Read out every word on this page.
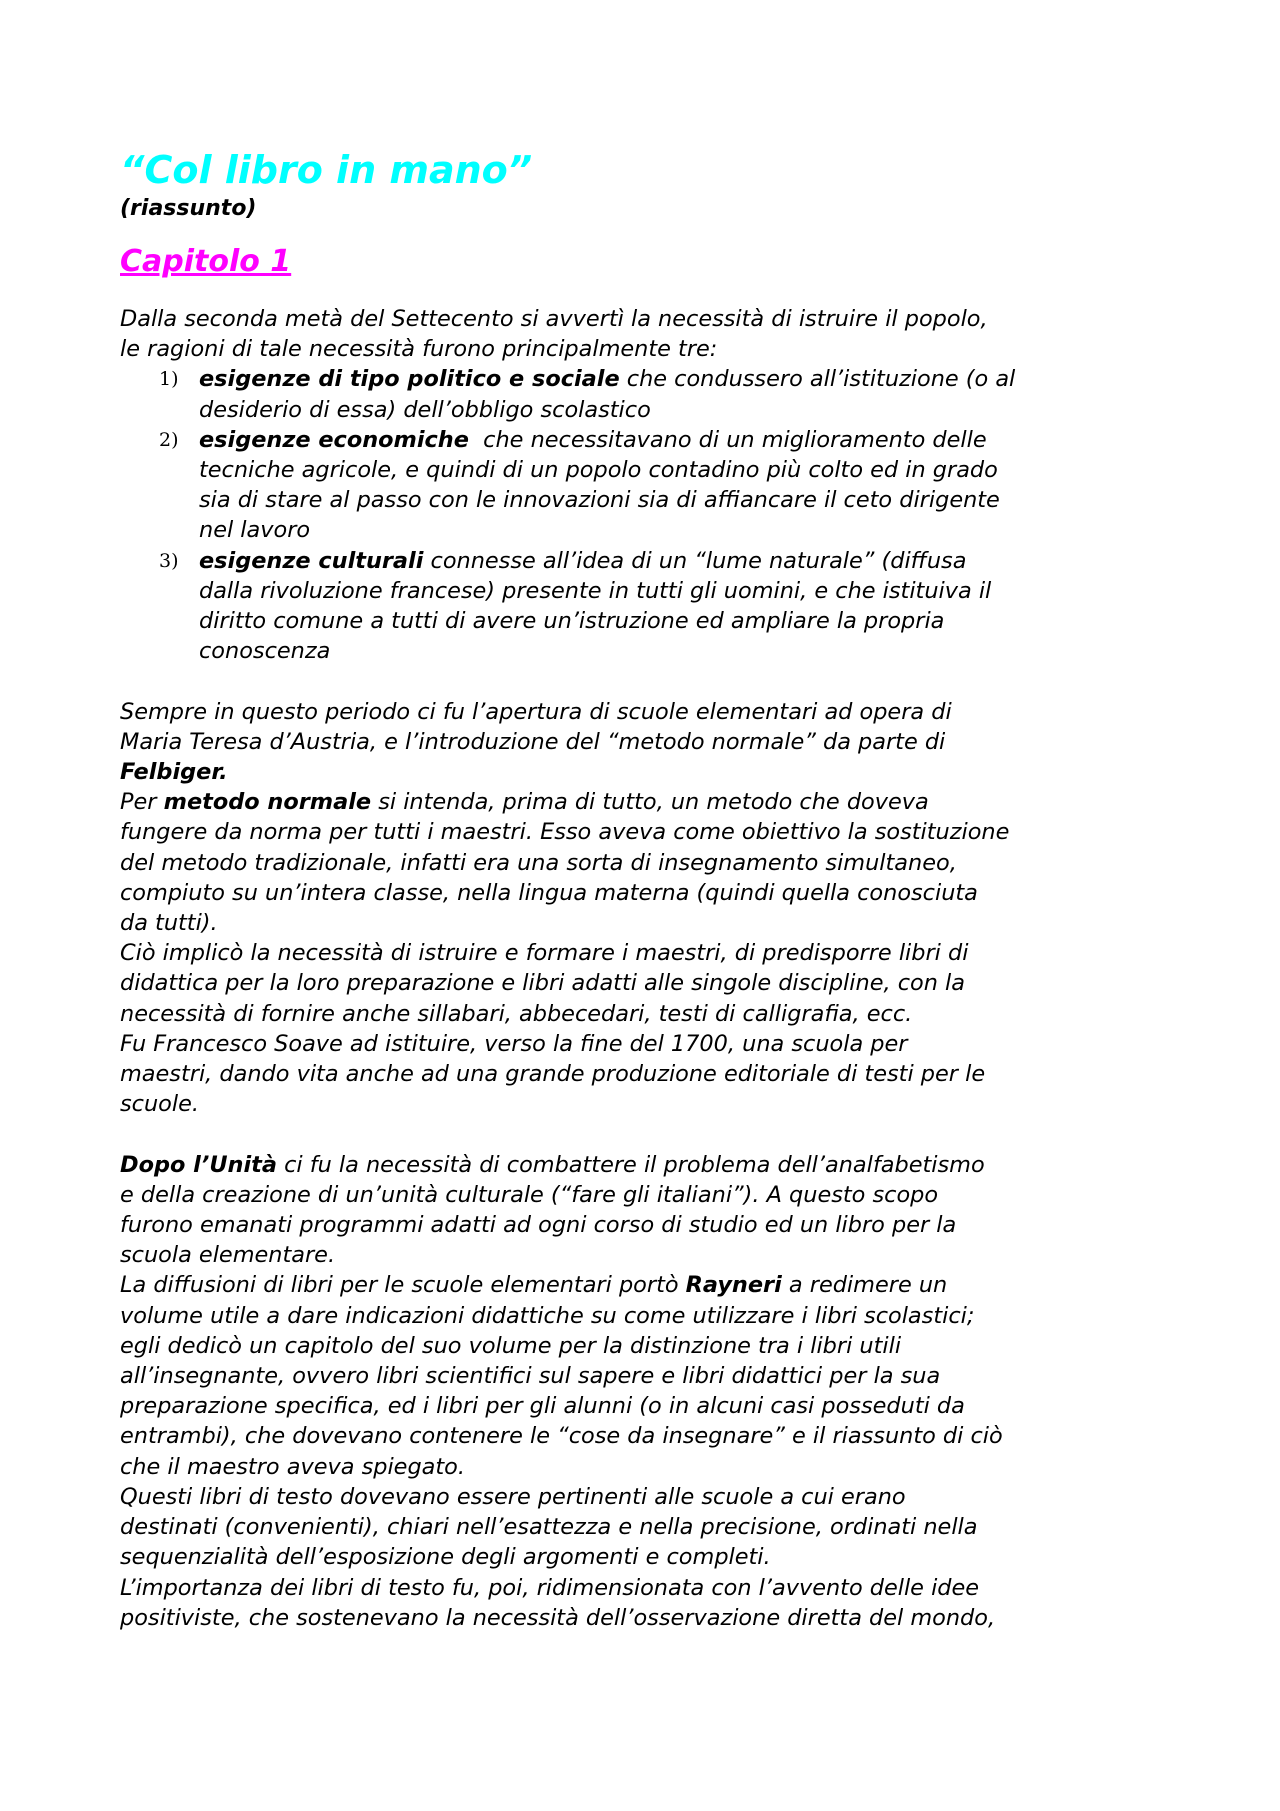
“Col libro in mano”
(riassunto)
Capitolo 1
Dalla seconda metà del Settecento si avvertì la necessità di istruire il popolo,
le ragioni di tale necessità furono principalmente tre:
1) esigenze di tipo politico e sociale che condussero all’istituzione (o al
desiderio di essa) dell’obbligo scolastico
2) esigenze economiche  che necessitavano di un miglioramento delle
tecniche agricole, e quindi di un popolo contadino più colto ed in grado
sia di stare al passo con le innovazioni sia di affiancare il ceto dirigente
nel lavoro
3) esigenze culturali connesse all’idea di un “lume naturale” (diffusa
dalla rivoluzione francese) presente in tutti gli uomini, e che istituiva il
diritto comune a tutti di avere un’istruzione ed ampliare la propria
conoscenza
Sempre in questo periodo ci fu l’apertura di scuole elementari ad opera di
Maria Teresa d’Austria, e l’introduzione del “metodo normale” da parte di
Felbiger.
Per metodo normale si intenda, prima di tutto, un metodo che doveva
fungere da norma per tutti i maestri. Esso aveva come obiettivo la sostituzione
del metodo tradizionale, infatti era una sorta di insegnamento simultaneo,
compiuto su un’intera classe, nella lingua materna (quindi quella conosciuta
da tutti).
Ciò implicò la necessità di istruire e formare i maestri, di predisporre libri di
didattica per la loro preparazione e libri adatti alle singole discipline, con la
necessità di fornire anche sillabari, abbecedari, testi di calligrafia, ecc.
Fu Francesco Soave ad istituire, verso la fine del 1700, una scuola per
maestri, dando vita anche ad una grande produzione editoriale di testi per le
scuole.
Dopo l’Unità ci fu la necessità di combattere il problema dell’analfabetismo
e della creazione di un’unità culturale (“fare gli italiani”). A questo scopo
furono emanati programmi adatti ad ogni corso di studio ed un libro per la
scuola elementare.
La diffusioni di libri per le scuole elementari portò Rayneri a redimere un
volume utile a dare indicazioni didattiche su come utilizzare i libri scolastici;
egli dedicò un capitolo del suo volume per la distinzione tra i libri utili
all’insegnante, ovvero libri scientifici sul sapere e libri didattici per la sua
preparazione specifica, ed i libri per gli alunni (o in alcuni casi posseduti da
entrambi), che dovevano contenere le “cose da insegnare” e il riassunto di ciò
che il maestro aveva spiegato.
Questi libri di testo dovevano essere pertinenti alle scuole a cui erano
destinati (convenienti), chiari nell’esattezza e nella precisione, ordinati nella
sequenzialità dell’esposizione degli argomenti e completi.
L’importanza dei libri di testo fu, poi, ridimensionata con l’avvento delle idee
positiviste, che sostenevano la necessità dell’osservazione diretta del mondo,
